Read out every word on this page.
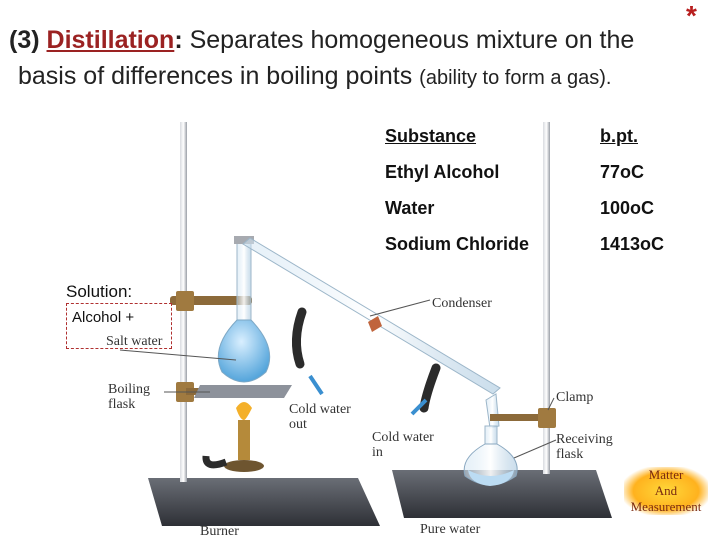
*
(3) Distillation: Separates homogeneous mixture on the
basis of differences in boiling points (ability to form a gas).
Salt water
Condenser
Boiling
flask	Cold water
out
Cold water
in
Clamp
Receiving
flask
Burner	Pure water
Substance	b.pt.
Ethyl Alcohol	77oC
Water	100oC
Sodium Chloride	1413oC
Solution:
Alcohol +
Matter
And
Measurement
